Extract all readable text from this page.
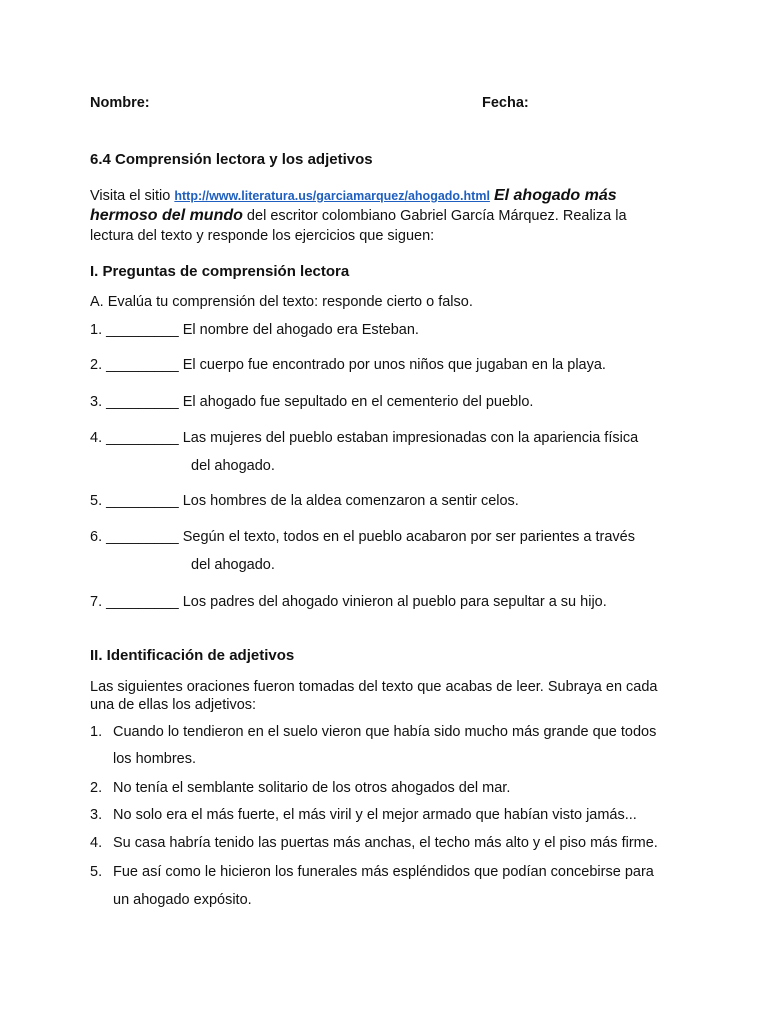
Nombre:	Fecha:
6.4 Comprensión lectora y los adjetivos
Visita el sitio http://www.literatura.us/garciamarquez/ahogado.html El ahogado más
hermoso del mundo del escritor colombiano Gabriel García Márquez. Realiza la
lectura del texto y responde los ejercicios que siguen:
I. Preguntas de comprensión lectora
A. Evalúa tu comprensión del texto: responde cierto o falso.
1. _________ El nombre del ahogado era Esteban.
2. _________ El cuerpo fue encontrado por unos niños que jugaban en la playa.
3. _________ El ahogado fue sepultado en el cementerio del pueblo.
4. _________ Las mujeres del pueblo estaban impresionadas con la apariencia física
del ahogado.
5. _________ Los hombres de la aldea comenzaron a sentir celos.
6. _________ Según el texto, todos en el pueblo acabaron por ser parientes a través
del ahogado.
7. _________ Los padres del ahogado vinieron al pueblo para sepultar a su hijo.
II. Identificación de adjetivos
Las siguientes oraciones fueron tomadas del texto que acabas de leer. Subraya en cada
una de ellas los adjetivos:
1. Cuando lo tendieron en el suelo vieron que había sido mucho más grande que todos
los hombres.
2. No tenía el semblante solitario de los otros ahogados del mar.
3. No solo era el más fuerte, el más viril y el mejor armado que habían visto jamás...
4. Su casa habría tenido las puertas más anchas, el techo más alto y el piso más firme.
5. Fue así como le hicieron los funerales más espléndidos que podían concebirse para
un ahogado expósito.
